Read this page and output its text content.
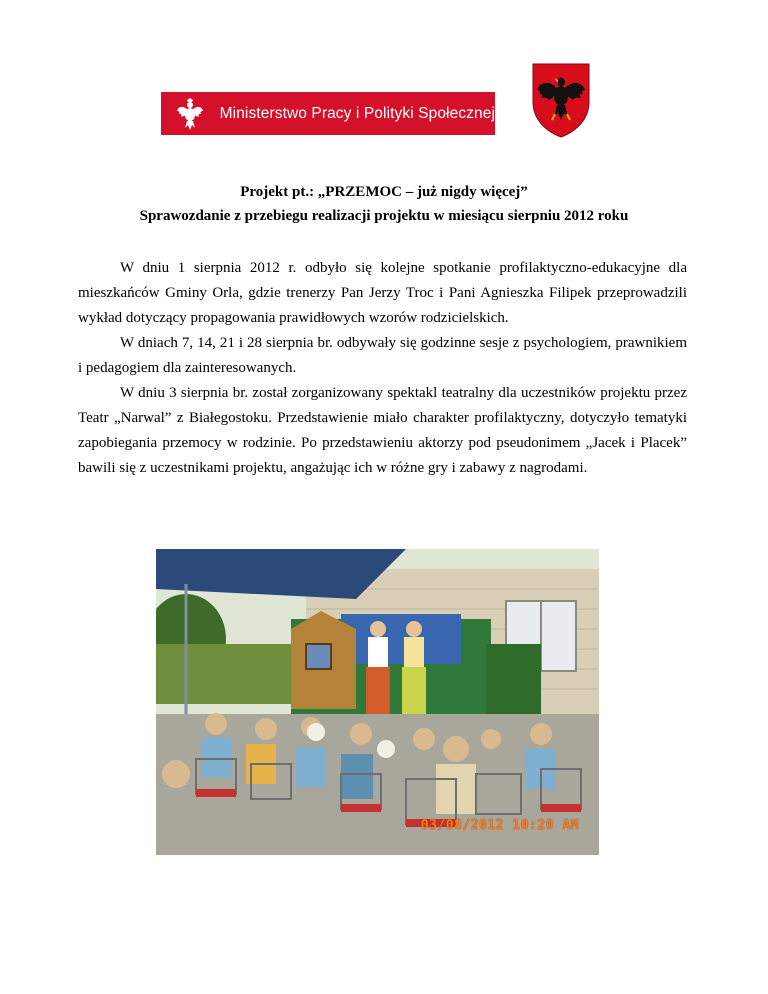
Ministerstwo Pracy i Polityki Społecznej
Projekt pt.: „PRZEMOC – już nigdy więcej”
Sprawozdanie z przebiegu realizacji projektu w miesiącu sierpniu 2012 roku

W dniu 1 sierpnia 2012 r. odbyło się kolejne spotkanie profilaktyczno-edukacyjne dla mieszkańców Gminy Orla, gdzie trenerzy Pan Jerzy Troc i Pani Agnieszka Filipek przeprowadzili wykład dotyczący propagowania prawidłowych wzorów rodzicielskich.

W dniach 7, 14, 21 i 28 sierpnia br. odbywały się godzinne sesje z psychologiem, prawnikiem i pedagogiem dla zainteresowanych.

W dniu 3 sierpnia br. został zorganizowany spektakl teatralny dla uczestników projektu przez Teatr „Narwal” z Białegostoku. Przedstawienie miało charakter profilaktyczny, dotyczyło tematyki zapobiegania przemocy w rodzinie. Po przedstawieniu aktorzy pod pseudonimem „Jacek i Placek” bawili się z uczestnikami projektu, angażując ich w różne gry i zabawy z nagrodami.

03/08/2012 10:20 AM
